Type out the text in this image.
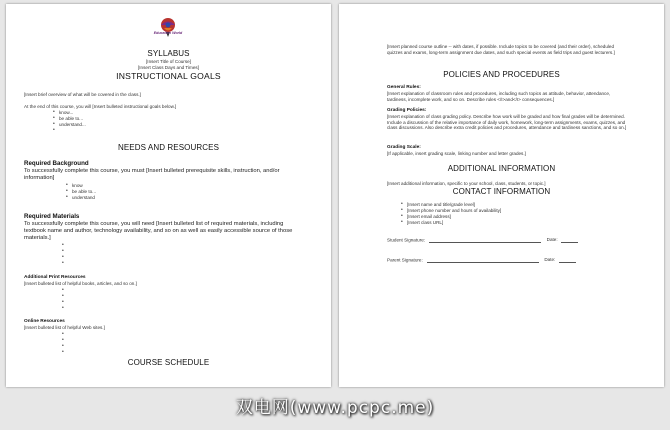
Education World
SYLLABUS
[Insert Title of Course]
[Insert Class Days and Times]
INSTRUCTIONAL GOALS
[Insert brief overview of what will be covered in the class.]
At the end of this course, you will [Insert bulleted instructional goals below.]
• know...
• be able to...
• understand...
NEEDS AND RESOURCES
Required Background
To successfully complete this course, you must [Insert bulleted prerequisite skills, instruction, and/or information]
• know
• be able to...
• understand
Required Materials
To successfully complete this course, you will need [Insert bulleted list of required materials, including textbook name and author, technology availability, and so on as well as easily accessible source of those materials.]
Additional Print Resources
[Insert bulleted list of helpful books, articles, and so on.]
Online Resources
[Insert bulleted list of helpful Web sites.]
COURSE SCHEDULE
[Insert planned course outline -- with dates, if possible. Include topics to be covered (and their order), scheduled quizzes and exams, long-term assignment due dates, and such special events as field trips and guest lecturers.]
POLICIES AND PROCEDURES
General Rules:
[Insert explanation of classroom rules and procedures, including such topics as attitude, behavior, attendance, tardiness, incomplete work, and so on. Describe rules </I>and</I> consequences.]
Grading Policies:
[Insert explanation of class grading policy. Describe how work will be graded and how final grades will be determined. Include a discussion of the relative importance of daily work, homework, long-term assignments, exams, quizzes, and class discussions. Also describe extra credit policies and procedures, attendance and tardiness sanctions, and so on.]
Grading Scale:
[If applicable, insert grading scale, linking number and letter grades.]
ADDITIONAL INFORMATION
[Insert additional information, specific to your school, class, students, or topic.]
CONTACT INFORMATION
• [Insert name and title/grade level]
• [Insert phone number and hours of availability]
• [Insert email address]
• [Insert class URL]
Student Signature:	Date:
Parent Signature:	Date:
双电网(www.pcpc.me)
